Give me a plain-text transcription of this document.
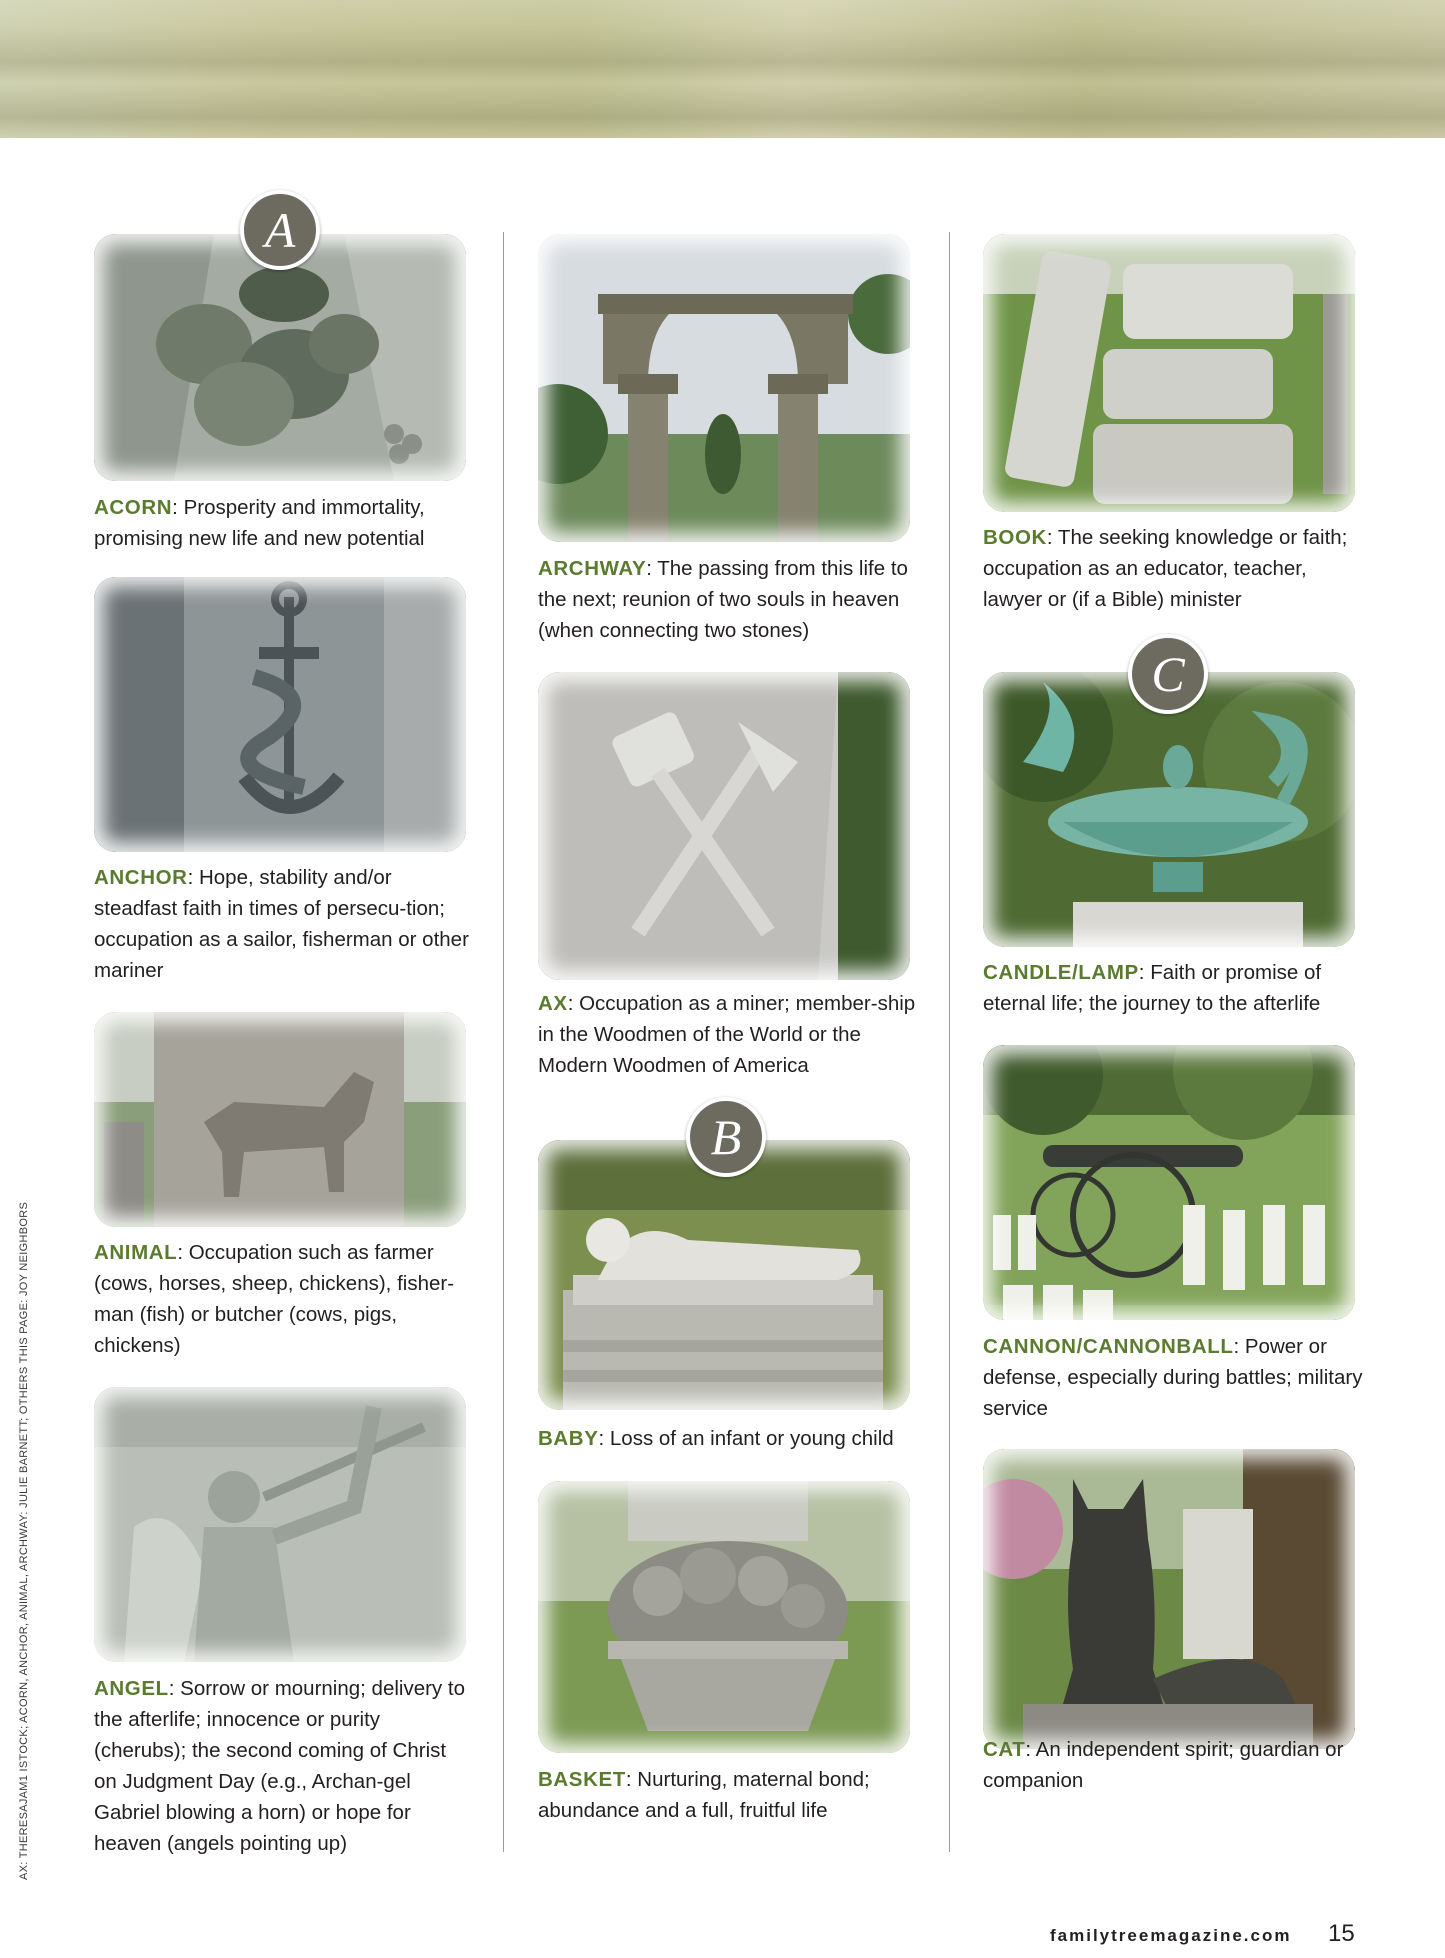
AX: THERESAJAM1 ISTOCK; ACORN, ANCHOR, ANIMAL, ARCHWAY: JULIE BARNETT; OTHERS THIS PAGE: JOY NEIGHBORS
A
ACORN: Prosperity and immortality, promising new life and new potential
ANCHOR: Hope, stability and/or steadfast faith in times of persecu-tion; occupation as a sailor, fisherman or other mariner
ANIMAL: Occupation such as farmer (cows, horses, sheep, chickens), fisher-man (fish) or butcher (cows, pigs, chickens)
ANGEL: Sorrow or mourning; delivery to the afterlife; innocence or purity (cherubs); the second coming of Christ on Judgment Day (e.g., Archan-gel Gabriel blowing a horn) or hope for heaven (angels pointing up)
ARCHWAY: The passing from this life to the next; reunion of two souls in heaven (when connecting two stones)
AX: Occupation as a miner; member-ship in the Woodmen of the World or the Modern Woodmen of America
B
BABY: Loss of an infant or young child
BASKET: Nurturing, maternal bond; abundance and a full, fruitful life
BOOK: The seeking knowledge or faith; occupation as an educator, teacher, lawyer or (if a Bible) minister
C
CANDLE/LAMP: Faith or promise of eternal life; the journey to the afterlife
CANNON/CANNONBALL: Power or defense, especially during battles; military service
CAT: An independent spirit; guardian or companion
familytreemagazine.com 15
